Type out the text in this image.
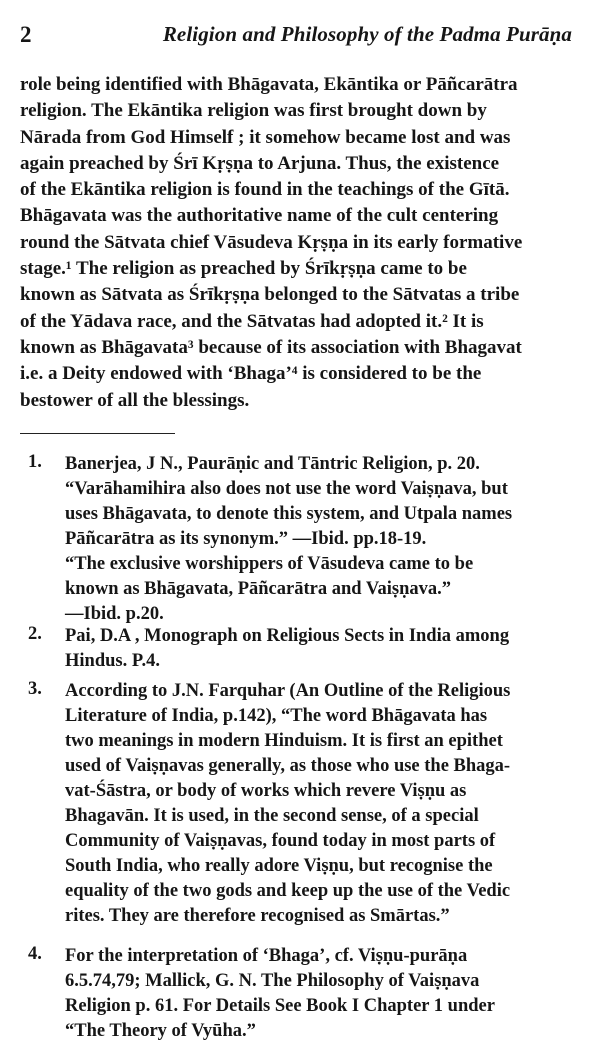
2	Religion and Philosophy of the Padma Purāṇa
role being identified with Bhāgavata, Ekāntika or Pāñcarātra
religion. The Ekāntika religion was first brought down by
Nārada from God Himself ; it somehow became lost and was
again preached by Śrī Kṛṣṇa to Arjuna. Thus, the existence
of the Ekāntika religion is found in the teachings of the Gītā.
Bhāgavata was the authoritative name of the cult centering
round the Sātvata chief Vāsudeva Kṛṣṇa in its early formative
stage.¹ The religion as preached by Śrīkṛṣṇa came to be
known as Sātvata as Śrīkṛṣṇa belonged to the Sātvatas a tribe
of the Yādava race, and the Sātvatas had adopted it.² It is
known as Bhāgavata³ because of its association with Bhagavat
i.e. a Deity endowed with ‘Bhaga’⁴ is considered to be the
bestower of all the blessings.
1. Banerjea, J N., Paurāṇic and Tāntric Religion, p. 20.
“Varāhamihira also does not use the word Vaiṣṇava, but
uses Bhāgavata, to denote this system, and Utpala names
Pāñcarātra as its synonym.” —Ibid. pp.18-19.
“The exclusive worshippers of Vāsudeva came to be
known as Bhāgavata, Pāñcarātra and Vaiṣṇava.”
—Ibid. p.20.
2. Pai, D.A , Monograph on Religious Sects in India among
Hindus. P.4.
3. According to J.N. Farquhar (An Outline of the Religious
Literature of India, p.142), “The word Bhāgavata has
two meanings in modern Hinduism. It is first an epithet
used of Vaiṣṇavas generally, as those who use the Bhaga-
vat-Śāstra, or body of works which revere Viṣṇu as
Bhagavān. It is used, in the second sense, of a special
Community of Vaiṣṇavas, found today in most parts of
South India, who really adore Viṣṇu, but recognise the
equality of the two gods and keep up the use of the Vedic
rites. They are therefore recognised as Smārtas.”
4. For the interpretation of ‘Bhaga’, cf. Viṣṇu-purāṇa
6.5.74,79; Mallick, G. N. The Philosophy of Vaiṣṇava
Religion p. 61. For Details See Book I Chapter 1 under
“The Theory of Vyūha.”
